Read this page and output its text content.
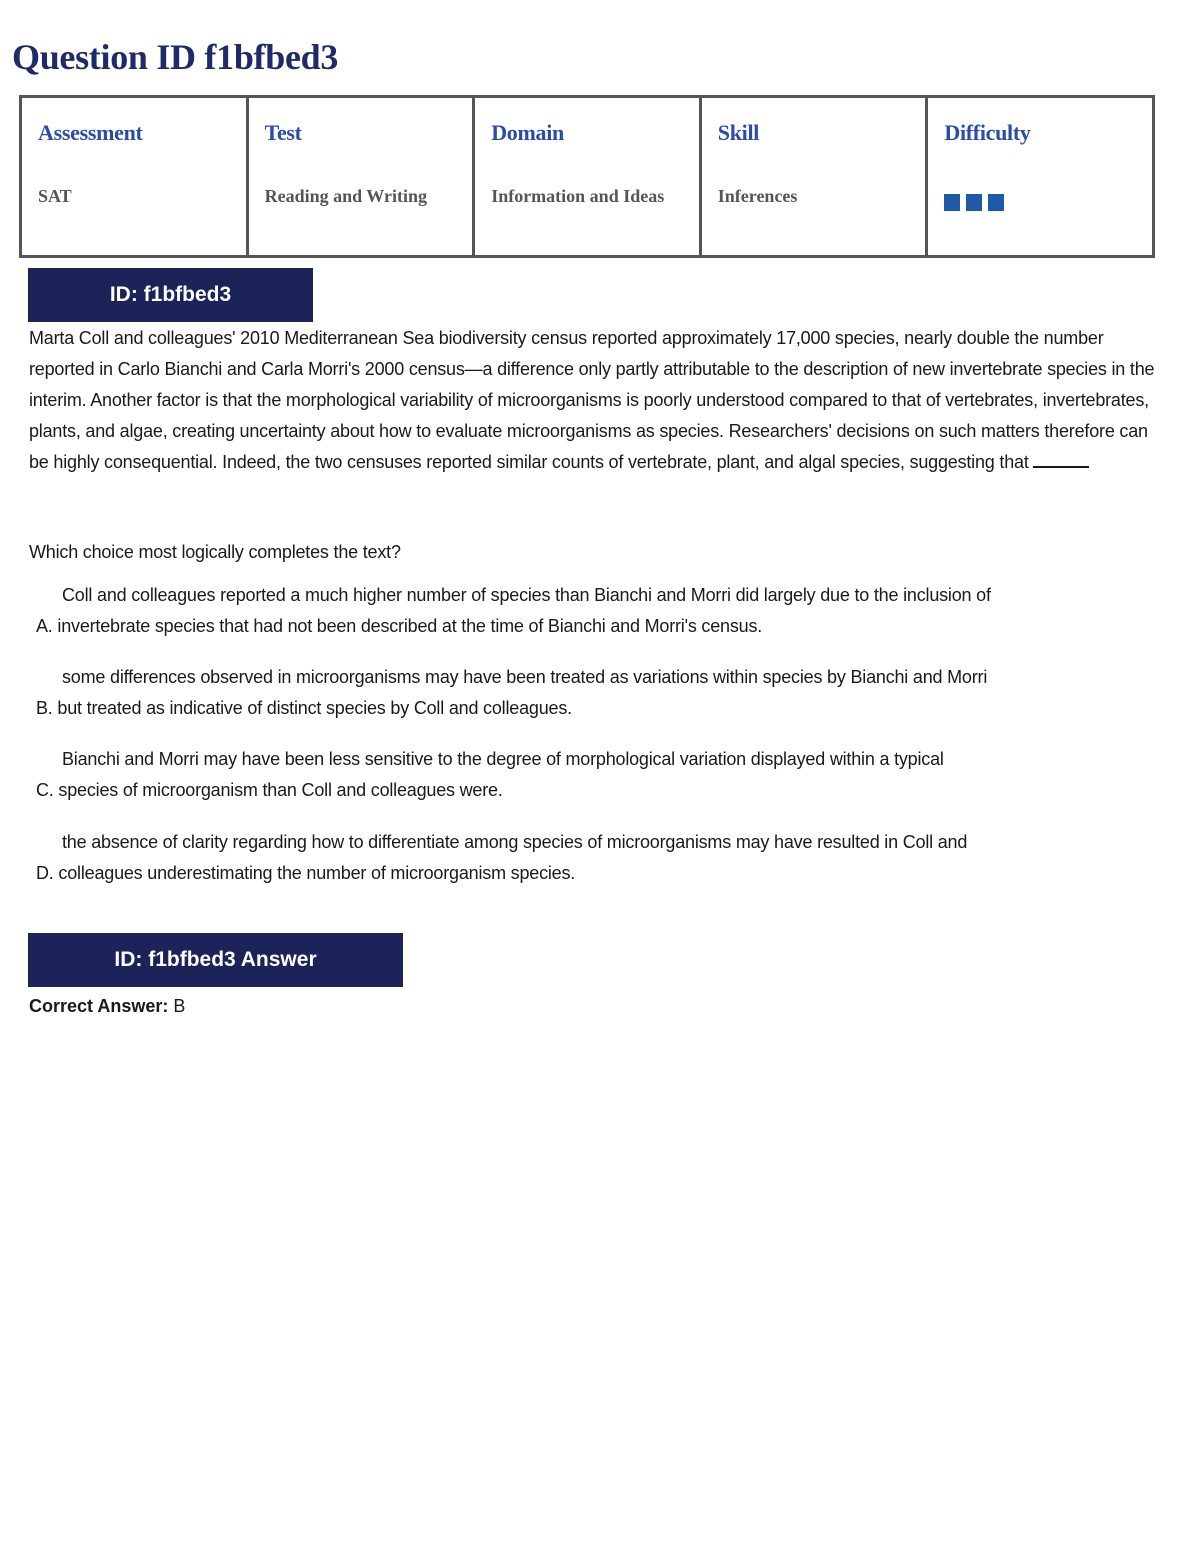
Question ID f1bfbed3
Assessment
SAT

Test
Reading and Writing

Domain
Information and Ideas

Skill
Inferences

Difficulty
ID: f1bfbed3

Marta Coll and colleagues' 2010 Mediterranean Sea biodiversity census reported approximately 17,000 species, nearly double the number reported in Carlo Bianchi and Carla Morri's 2000 census—a difference only partly attributable to the description of new invertebrate species in the interim. Another factor is that the morphological variability of microorganisms is poorly understood compared to that of vertebrates, invertebrates, plants, and algae, creating uncertainty about how to evaluate microorganisms as species. Researchers' decisions on such matters therefore can be highly consequential. Indeed, the two censuses reported similar counts of vertebrate, plant, and algal species, suggesting that

Which choice most logically completes the text?

Coll and colleagues reported a much higher number of species than Bianchi and Morri did largely due to the inclusion of
A. invertebrate species that had not been described at the time of Bianchi and Morri's census.
some differences observed in microorganisms may have been treated as variations within species by Bianchi and Morri
B. but treated as indicative of distinct species by Coll and colleagues.
Bianchi and Morri may have been less sensitive to the degree of morphological variation displayed within a typical
C. species of microorganism than Coll and colleagues were.
the absence of clarity regarding how to differentiate among species of microorganisms may have resulted in Coll and
D. colleagues underestimating the number of microorganism species.
ID: f1bfbed3 Answer

Correct Answer: B
